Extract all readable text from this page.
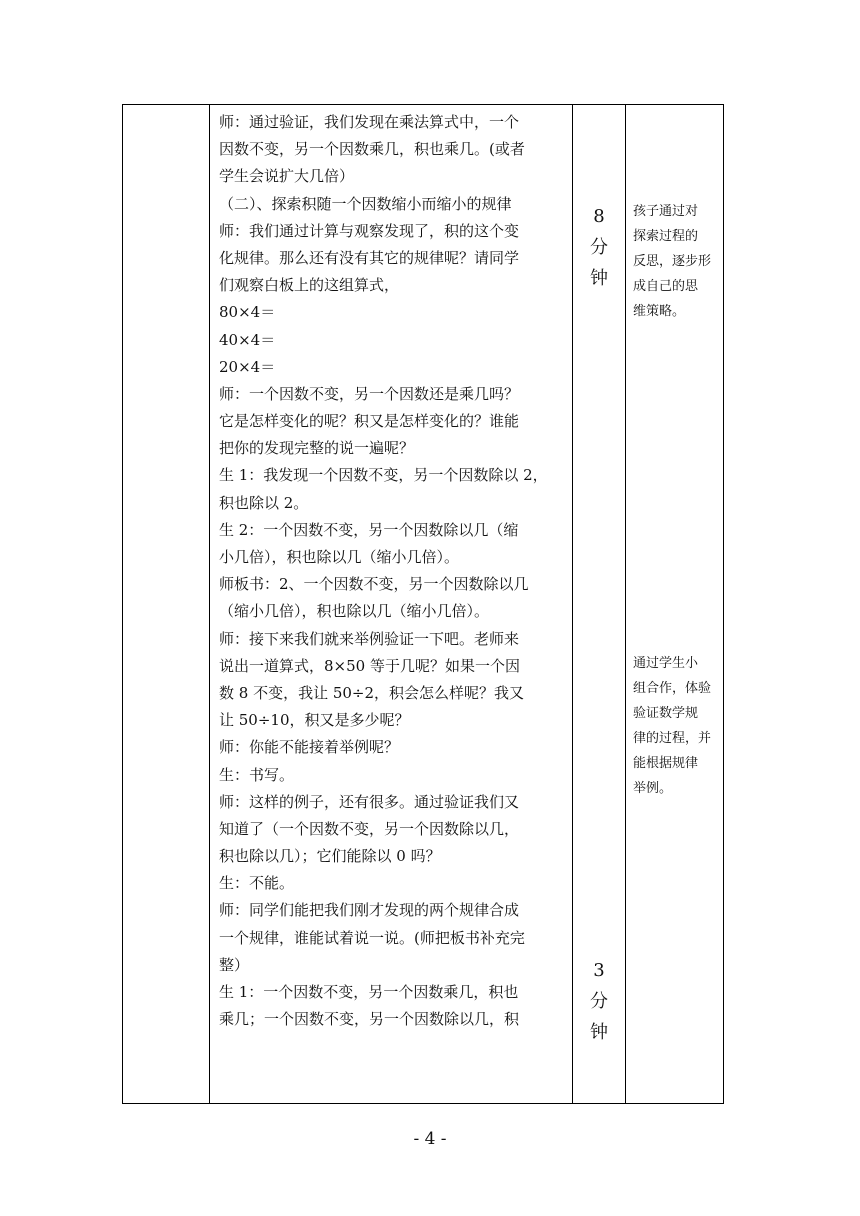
师：通过验证，我们发现在乘法算式中，一个
因数不变，另一个因数乘几，积也乘几。(或者
学生会说扩大几倍）
（二）、探索积随一个因数缩小而缩小的规律
师：我们通过计算与观察发现了，积的这个变
化规律。那么还有没有其它的规律呢？请同学
们观察白板上的这组算式，
80×4＝
40×4＝
20×4＝
师：一个因数不变，另一个因数还是乘几吗？
它是怎样变化的呢？积又是怎样变化的？谁能
把你的发现完整的说一遍呢？
生 1：我发现一个因数不变，另一个因数除以 2，
积也除以 2。
生 2：一个因数不变，另一个因数除以几（缩
小几倍），积也除以几（缩小几倍）。
师板书：2、一个因数不变，另一个因数除以几
（缩小几倍），积也除以几（缩小几倍）。
师：接下来我们就来举例验证一下吧。老师来
说出一道算式，8×50 等于几呢？如果一个因
数 8 不变，我让 50÷2，积会怎么样呢？我又
让 50÷10，积又是多少呢？
师：你能不能接着举例呢？
生：书写。
师：这样的例子，还有很多。通过验证我们又
知道了（一个因数不变，另一个因数除以几，
积也除以几）；它们能除以 0 吗？
生：不能。
师：同学们能把我们刚才发现的两个规律合成
一个规律，谁能试着说一说。(师把板书补充完
整）
生 1：一个因数不变，另一个因数乘几，积也
乘几；一个因数不变，另一个因数除以几，积
8
分
钟
3
分
钟
孩子通过对
探索过程的
反思，逐步形
成自己的思
维策略。
通过学生小
组合作，体验
验证数学规
律的过程，并
能根据规律
举例。
- 4 -
